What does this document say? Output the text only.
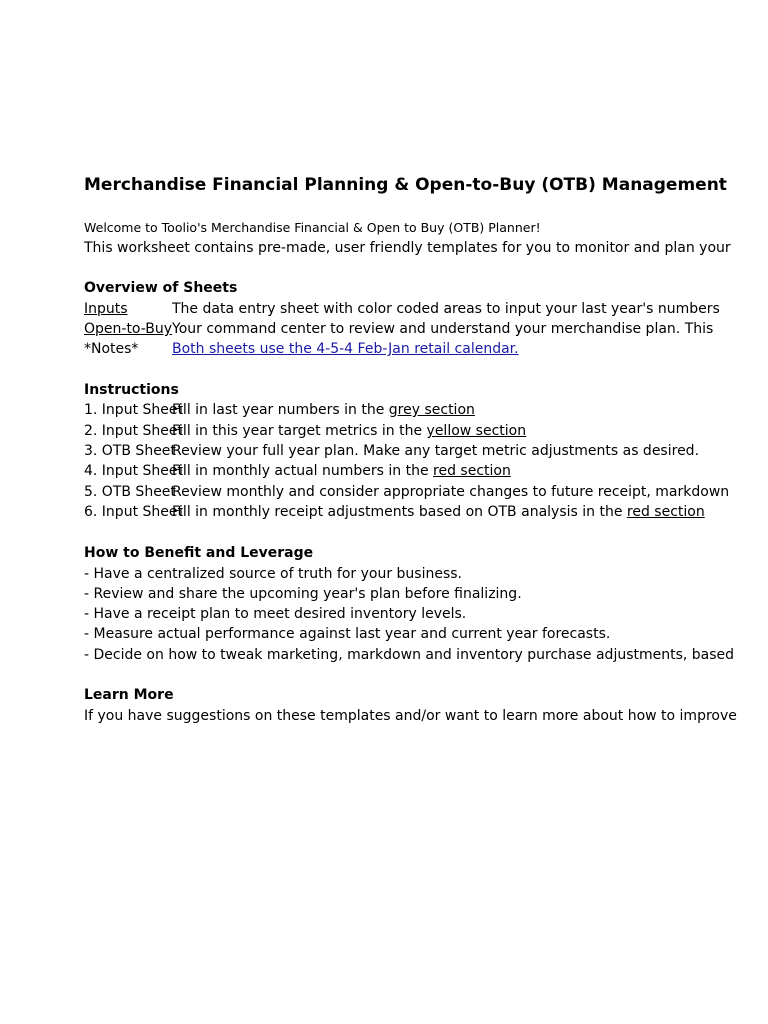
Merchandise Financial Planning & Open-to-Buy (OTB) Management
Welcome to Toolio's Merchandise Financial & Open to Buy (OTB) Planner!
This worksheet contains pre-made, user friendly templates for you to monitor and plan your
Overview of Sheets
Inputs	The data entry sheet with color coded areas to input your last year's numbers
Open-to-Buy Your command center to review and understand your merchandise plan. This
*Notes*	Both sheets use the 4-5-4 Feb-Jan retail calendar.
Instructions
1. Input Sheet
Fill in last year numbers in the grey section
2. Input Sheet
Fill in this year target metrics in the yellow section
3. OTB Sheet
Review your full year plan. Make any target metric adjustments as desired.
4. Input Sheet
Fill in monthly actual numbers in the red section
5. OTB Sheet
Review monthly and consider appropriate changes to future receipt, markdown
6. Input Sheet
Fill in monthly receipt adjustments based on OTB analysis in the red section
How to Benefit and Leverage
- Have a centralized source of truth for your business.
- Review and share the upcoming year's plan before finalizing.
- Have a receipt plan to meet desired inventory levels.
- Measure actual performance against last year and current year forecasts.
- Decide on how to tweak marketing, markdown and inventory purchase adjustments, based
Learn More
If you have suggestions on these templates and/or want to learn more about how to improve
